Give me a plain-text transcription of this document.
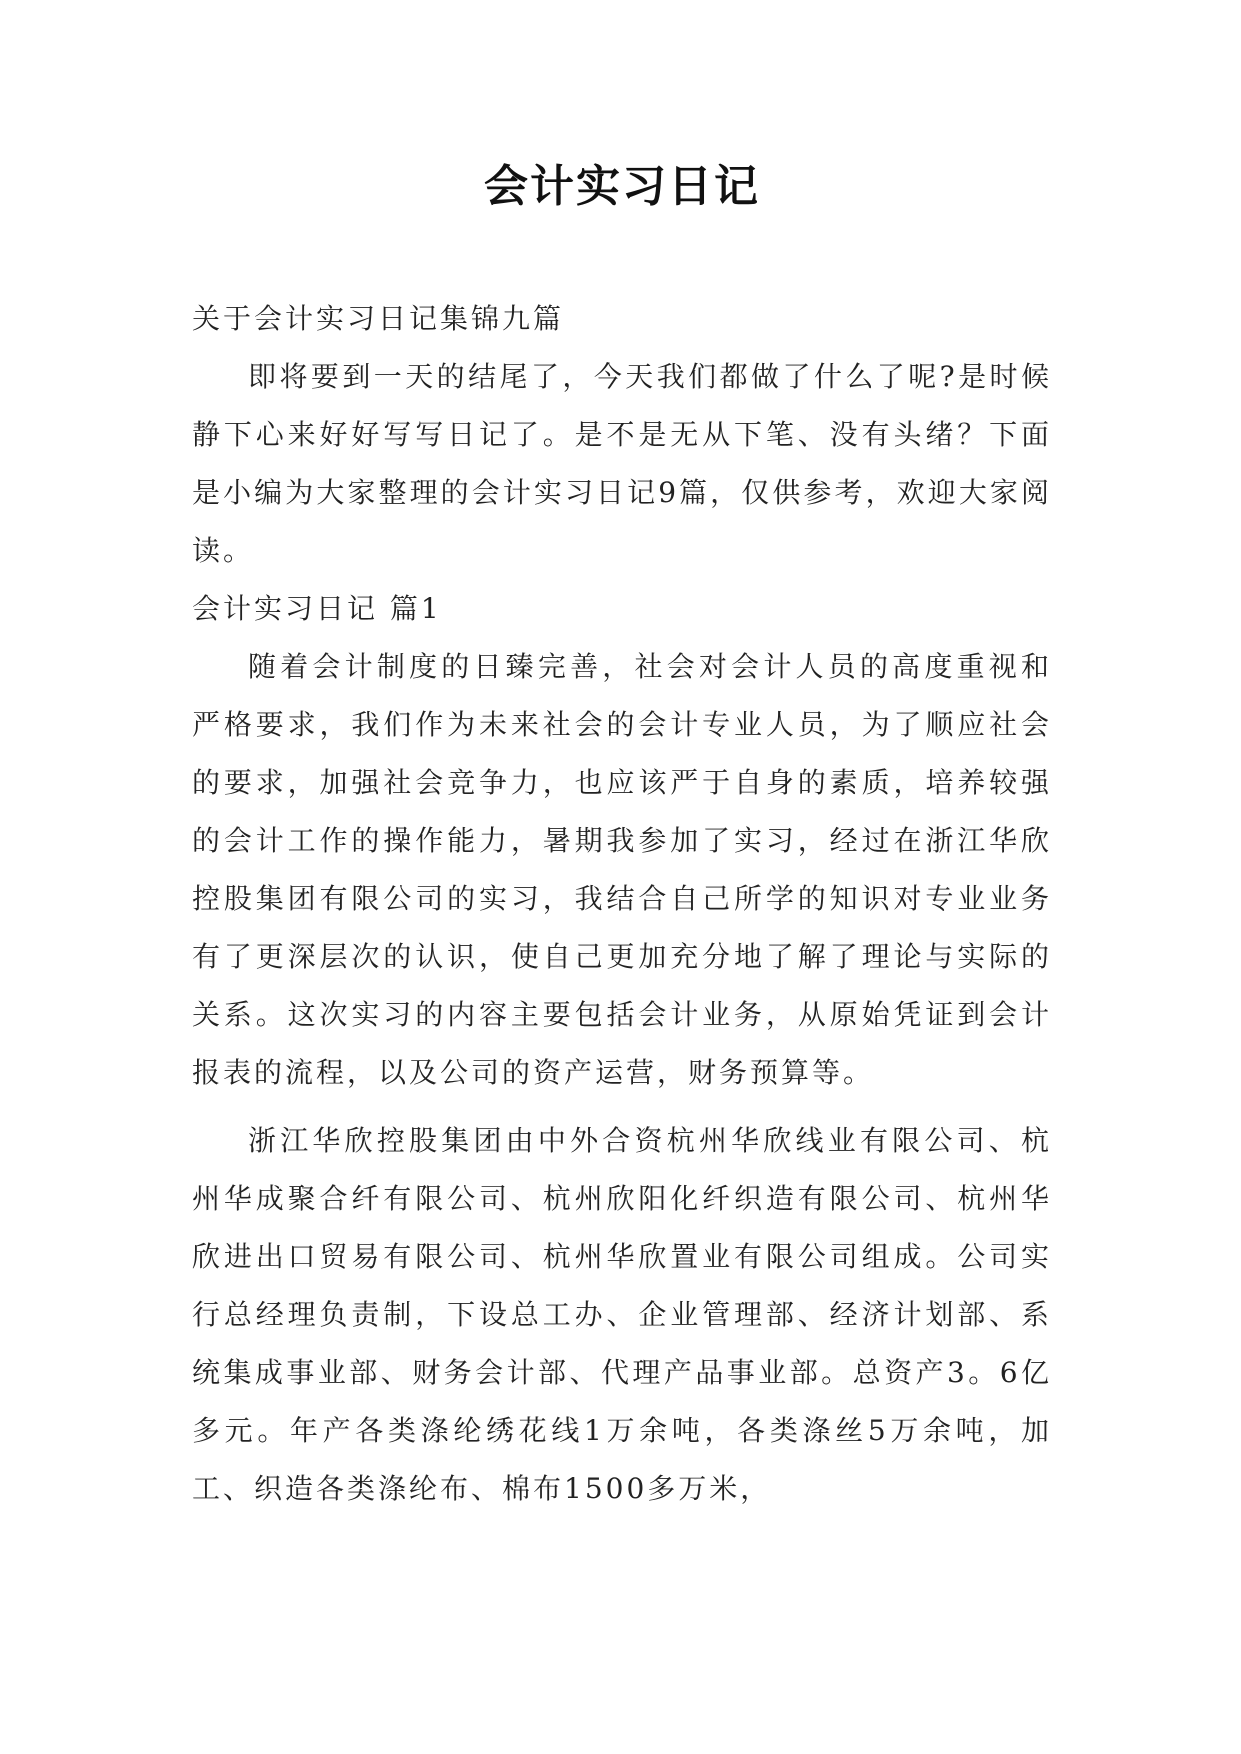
会计实习日记

关于会计实习日记集锦九篇

即将要到一天的结尾了，今天我们都做了什么了呢?是时候静下心来好好写写日记了。是不是无从下笔、没有头绪？下面是小编为大家整理的会计实习日记9篇，仅供参考，欢迎大家阅读。

会计实习日记 篇1

随着会计制度的日臻完善，社会对会计人员的高度重视和严格要求，我们作为未来社会的会计专业人员，为了顺应社会的要求，加强社会竞争力，也应该严于自身的素质，培养较强的会计工作的操作能力，暑期我参加了实习，经过在浙江华欣控股集团有限公司的实习，我结合自己所学的知识对专业业务有了更深层次的认识，使自己更加充分地了解了理论与实际的关系。这次实习的内容主要包括会计业务，从原始凭证到会计报表的流程，以及公司的资产运营，财务预算等。

浙江华欣控股集团由中外合资杭州华欣线业有限公司、杭州华成聚合纤有限公司、杭州欣阳化纤织造有限公司、杭州华欣进出口贸易有限公司、杭州华欣置业有限公司组成。公司实行总经理负责制，下设总工办、企业管理部、经济计划部、系统集成事业部、财务会计部、代理产品事业部。总资产3。6亿多元。年产各类涤纶绣花线1万余吨，各类涤丝5万余吨，加工、织造各类涤纶布、棉布1500多万米，
